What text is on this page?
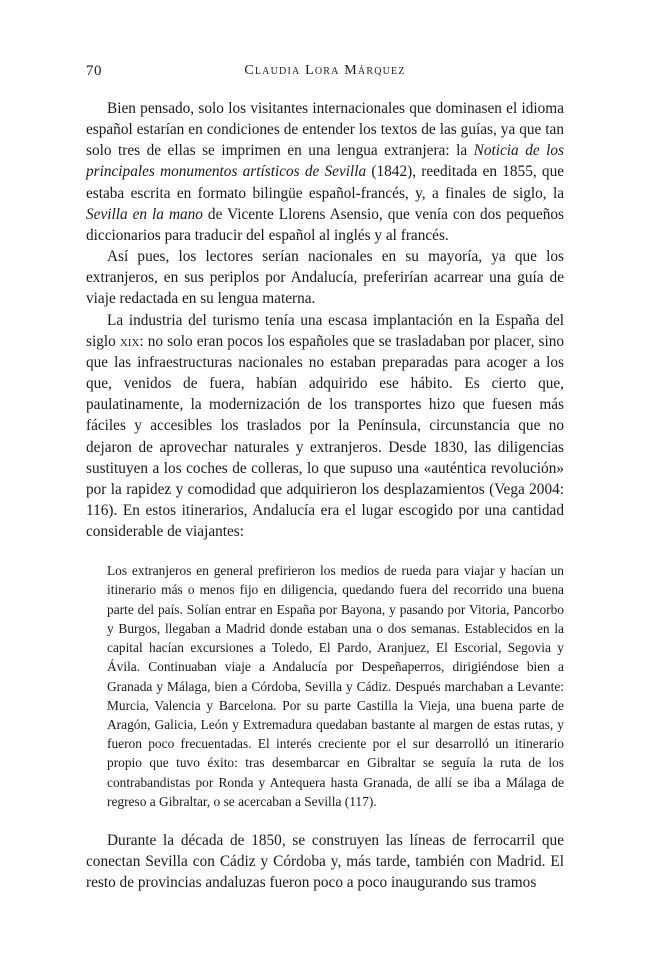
70	Claudia Lora Márquez

Bien pensado, solo los visitantes internacionales que dominasen el idioma español estarían en condiciones de entender los textos de las guías, ya que tan solo tres de ellas se imprimen en una lengua extranjera: la Noticia de los principales monumentos artísticos de Sevilla (1842), reeditada en 1855, que estaba escrita en formato bilingüe español-francés, y, a finales de siglo, la Sevilla en la mano de Vicente Llorens Asensio, que venía con dos pequeños diccionarios para traducir del español al inglés y al francés.

Así pues, los lectores serían nacionales en su mayoría, ya que los extranjeros, en sus periplos por Andalucía, preferirían acarrear una guía de viaje redactada en su lengua materna.

La industria del turismo tenía una escasa implantación en la España del siglo xix: no solo eran pocos los españoles que se trasladaban por placer, sino que las infraestructuras nacionales no estaban preparadas para acoger a los que, venidos de fuera, habían adquirido ese hábito. Es cierto que, paulatinamente, la modernización de los transportes hizo que fuesen más fáciles y accesibles los traslados por la Península, circunstancia que no dejaron de aprovechar naturales y extranjeros. Desde 1830, las diligencias sustituyen a los coches de colleras, lo que supuso una «auténtica revolución» por la rapidez y comodidad que adquirieron los desplazamientos (Vega 2004: 116). En estos itinerarios, Andalucía era el lugar escogido por una cantidad considerable de viajantes:

Los extranjeros en general prefirieron los medios de rueda para viajar y hacían un itinerario más o menos fijo en diligencia, quedando fuera del recorrido una buena parte del país. Solían entrar en España por Bayona, y pasando por Vitoria, Pancorbo y Burgos, llegaban a Madrid donde estaban una o dos semanas. Establecidos en la capital hacían excursiones a Toledo, El Pardo, Aranjuez, El Escorial, Segovia y Ávila. Continuaban viaje a Andalucía por Despeñaperros, dirigiéndose bien a Granada y Málaga, bien a Córdoba, Sevilla y Cádiz. Después marchaban a Levante: Murcia, Valencia y Barcelona. Por su parte Castilla la Vieja, una buena parte de Aragón, Galicia, León y Extremadura quedaban bastante al margen de estas rutas, y fueron poco frecuentadas. El interés creciente por el sur desarrolló un itinerario propio que tuvo éxito: tras desembarcar en Gibraltar se seguía la ruta de los contrabandistas por Ronda y Antequera hasta Granada, de allí se iba a Málaga de regreso a Gibraltar, o se acercaban a Sevilla (117).

Durante la década de 1850, se construyen las líneas de ferrocarril que conectan Sevilla con Cádiz y Córdoba y, más tarde, también con Madrid. El resto de provincias andaluzas fueron poco a poco inaugurando sus tramos
